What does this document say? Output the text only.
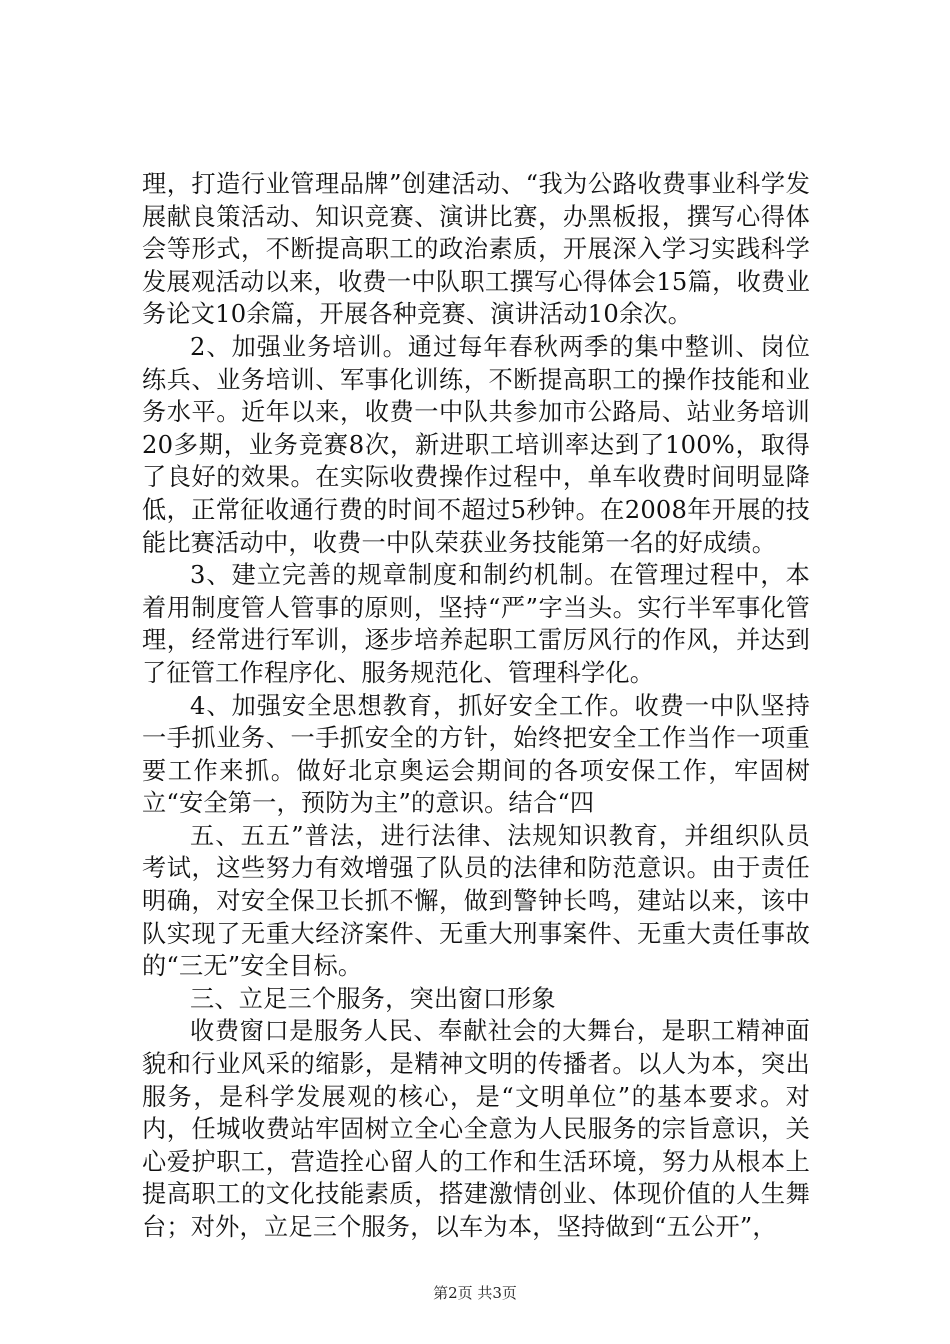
理，打造行业管理品牌”创建活动、“我为公路收费事业科学发展献良策活动、知识竞赛、演讲比赛，办黑板报，撰写心得体会等形式，不断提高职工的政治素质，开展深入学习实践科学发展观活动以来，收费一中队职工撰写心得体会15篇，收费业务论文10余篇，开展各种竞赛、演讲活动10余次。

2、加强业务培训。通过每年春秋两季的集中整训、岗位练兵、业务培训、军事化训练，不断提高职工的操作技能和业务水平。近年以来，收费一中队共参加市公路局、站业务培训20多期，业务竞赛8次，新进职工培训率达到了100%，取得了良好的效果。在实际收费操作过程中，单车收费时间明显降低，正常征收通行费的时间不超过5秒钟。在2008年开展的技能比赛活动中，收费一中队荣获业务技能第一名的好成绩。

3、建立完善的规章制度和制约机制。在管理过程中，本着用制度管人管事的原则，坚持“严”字当头。实行半军事化管理，经常进行军训，逐步培养起职工雷厉风行的作风，并达到了征管工作程序化、服务规范化、管理科学化。

4、加强安全思想教育，抓好安全工作。收费一中队坚持一手抓业务、一手抓安全的方针，始终把安全工作当作一项重要工作来抓。做好北京奥运会期间的各项安保工作，牢固树立“安全第一，预防为主”的意识。结合“四

五、五五”普法，进行法律、法规知识教育，并组织队员考试，这些努力有效增强了队员的法律和防范意识。由于责任明确，对安全保卫长抓不懈，做到警钟长鸣，建站以来，该中队实现了无重大经济案件、无重大刑事案件、无重大责任事故的“三无”安全目标。

三、立足三个服务，突出窗口形象

收费窗口是服务人民、奉献社会的大舞台，是职工精神面貌和行业风采的缩影，是精神文明的传播者。以人为本，突出服务，是科学发展观的核心，是“文明单位”的基本要求。对内，任城收费站牢固树立全心全意为人民服务的宗旨意识，关心爱护职工，营造拴心留人的工作和生活环境，努力从根本上提高职工的文化技能素质，搭建激情创业、体现价值的人生舞台；对外，立足三个服务，以车为本，坚持做到“五公开”，

第2页 共3页
